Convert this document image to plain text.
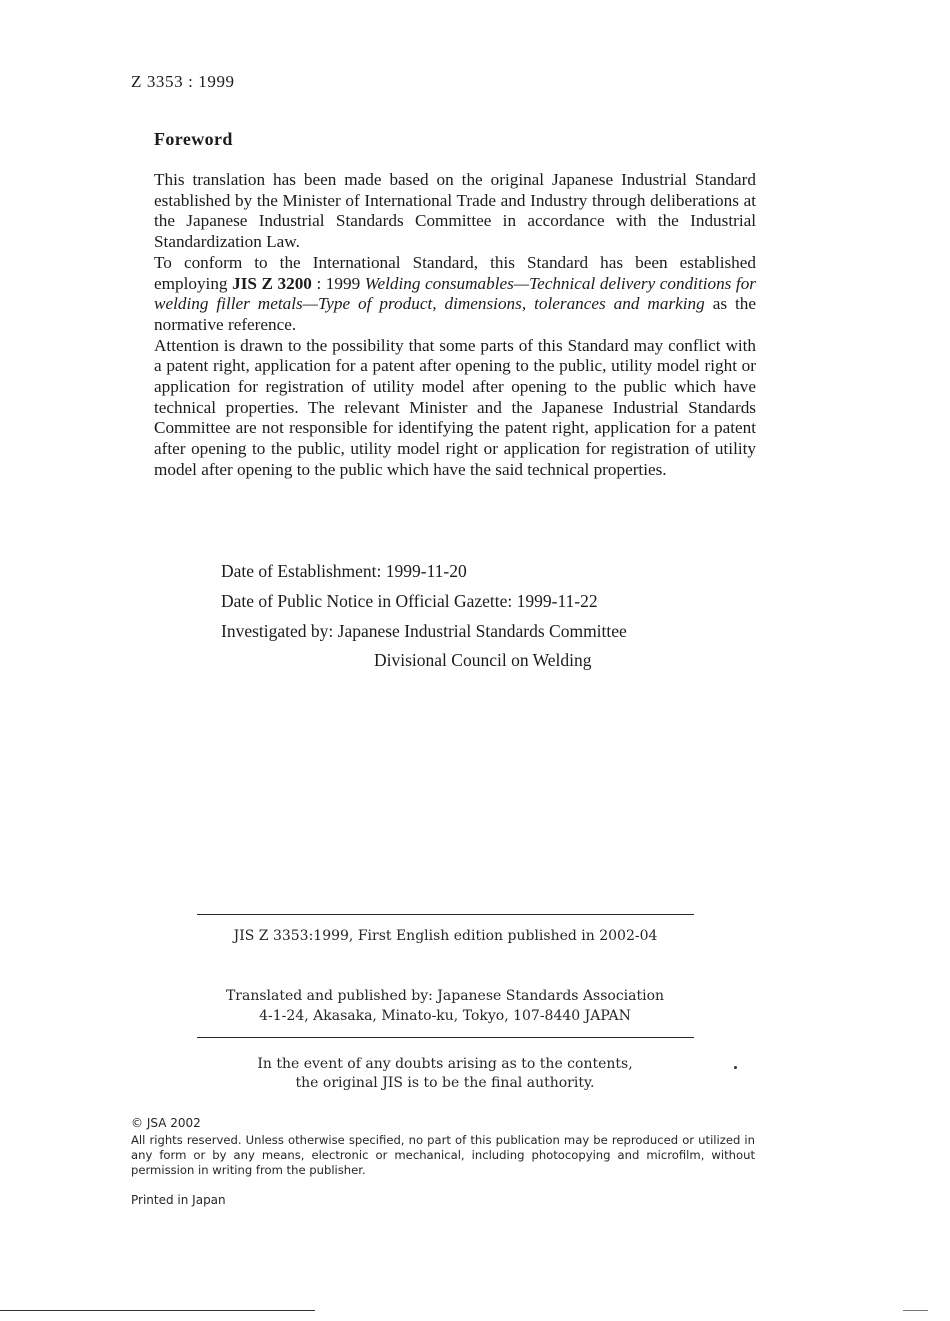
Z 3353 : 1999
Foreword

This translation has been made based on the original Japanese Industrial Standard established by the Minister of International Trade and Industry through deliberations at the Japanese Industrial Standards Committee in accordance with the Industrial Standardization Law.

To conform to the International Standard, this Standard has been established employing JIS Z 3200 : 1999 Welding consumables—Technical delivery conditions for welding filler metals—Type of product, dimensions, tolerances and marking as the normative reference.

Attention is drawn to the possibility that some parts of this Standard may conflict with a patent right, application for a patent after opening to the public, utility model right or application for registration of utility model after opening to the public which have technical properties. The relevant Minister and the Japanese Industrial Standards Committee are not responsible for identifying the patent right, application for a patent after opening to the public, utility model right or application for registration of utility model after opening to the public which have the said technical properties.

Date of Establishment: 1999-11-20
Date of Public Notice in Official Gazette: 1999-11-22
Investigated by: Japanese Industrial Standards Committee
Divisional Council on Welding
JIS Z 3353:1999, First English edition published in 2002-04
Translated and published by: Japanese Standards Association
4-1-24, Akasaka, Minato-ku, Tokyo, 107-8440 JAPAN
In the event of any doubts arising as to the contents,
the original JIS is to be the final authority.
© JSA 2002
All rights reserved. Unless otherwise specified, no part of this publication may be reproduced or utilized in any form or by any means, electronic or mechanical, including photocopying and microfilm, without permission in writing from the publisher.
Printed in Japan
